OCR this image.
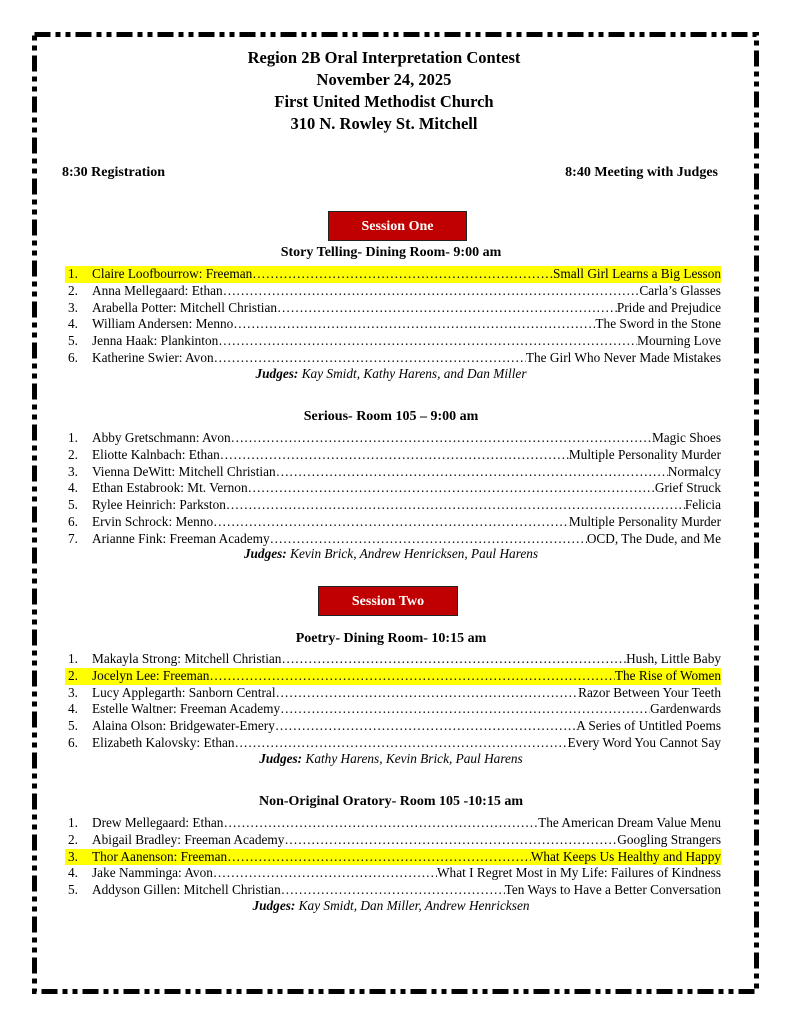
Region 2B Oral Interpretation Contest
November 24, 2025
First United Methodist Church
310 N. Rowley St. Mitchell
8:30 Registration	8:40 Meeting with Judges
Session One
Story Telling- Dining Room- 9:00 am
1.	Claire Loofbourrow: Freeman …………………………………………………………………………………………………………………………………………………………………………………………	Small Girl Learns a Big Lesson
2.	Anna Mellegaard: Ethan …………………………………………………………………………………………………………………………………………………………………………………………	Carla’s Glasses
3.	Arabella Potter: Mitchell Christian …………………………………………………………………………………………………………………………………………………………………………………………	Pride and Prejudice
4.	William Andersen: Menno …………………………………………………………………………………………………………………………………………………………………………………………	The Sword in the Stone
5.	Jenna Haak: Plankinton …………………………………………………………………………………………………………………………………………………………………………………………	Mourning Love
6.	Katherine Swier: Avon …………………………………………………………………………………………………………………………………………………………………………………………	The Girl Who Never Made Mistakes
Judges: Kay Smidt, Kathy Harens, and Dan Miller
Serious- Room 105 – 9:00 am
1.	Abby Gretschmann: Avon …………………………………………………………………………………………………………………………………………………………………………………………	Magic Shoes
2.	Eliotte Kalnbach: Ethan …………………………………………………………………………………………………………………………………………………………………………………………	Multiple Personality Murder
3.	Vienna DeWitt: Mitchell Christian …………………………………………………………………………………………………………………………………………………………………………………………	Normalcy
4.	Ethan Estabrook: Mt. Vernon …………………………………………………………………………………………………………………………………………………………………………………………	Grief Struck
5.	Rylee Heinrich: Parkston …………………………………………………………………………………………………………………………………………………………………………………………	Felicia
6.	Ervin Schrock: Menno …………………………………………………………………………………………………………………………………………………………………………………………	Multiple Personality Murder
7.	Arianne Fink: Freeman Academy …………………………………………………………………………………………………………………………………………………………………………………………	OCD, The Dude, and Me
Judges: Kevin Brick, Andrew Henricksen, Paul Harens
Session Two
Poetry- Dining Room- 10:15 am
1.	Makayla Strong: Mitchell Christian …………………………………………………………………………………………………………………………………………………………………………………………	Hush, Little Baby
2.	Jocelyn Lee: Freeman …………………………………………………………………………………………………………………………………………………………………………………………	The Rise of Women
3.	Lucy Applegarth: Sanborn Central …………………………………………………………………………………………………………………………………………………………………………………………	Razor Between Your Teeth
4.	Estelle Waltner: Freeman Academy …………………………………………………………………………………………………………………………………………………………………………………………	Gardenwards
5.	Alaina Olson: Bridgewater-Emery …………………………………………………………………………………………………………………………………………………………………………………………	A Series of Untitled Poems
6.	Elizabeth Kalovsky: Ethan …………………………………………………………………………………………………………………………………………………………………………………………	Every Word You Cannot Say
Judges: Kathy Harens, Kevin Brick, Paul Harens
Non-Original Oratory- Room 105 -10:15 am
1.	Drew Mellegaard: Ethan …………………………………………………………………………………………………………………………………………………………………………………………	The American Dream Value Menu
2.	Abigail Bradley: Freeman Academy …………………………………………………………………………………………………………………………………………………………………………………………	Googling Strangers
3.	Thor Aanenson: Freeman …………………………………………………………………………………………………………………………………………………………………………………………	What Keeps Us Healthy and Happy
4.	Jake Namminga: Avon …………………………………………………………………………………………………………………………………………………………………………………………	What I Regret Most in My Life: Failures of Kindness
5.	Addyson Gillen: Mitchell Christian …………………………………………………………………………………………………………………………………………………………………………………………	Ten Ways to Have a Better Conversation
Judges: Kay Smidt, Dan Miller, Andrew Henricksen
